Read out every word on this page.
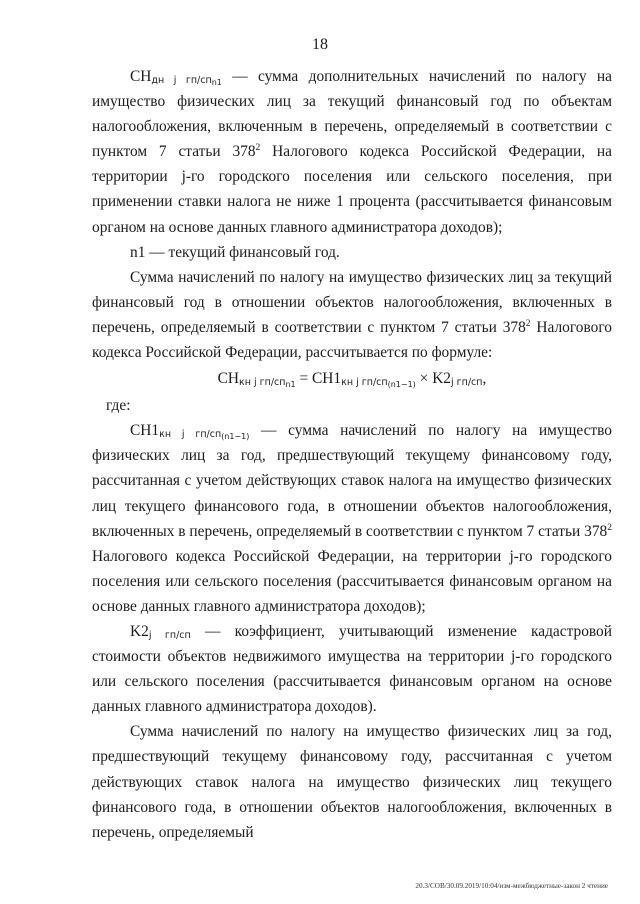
18

$CH_{дн j гп/сп_{n1}}$ — сумма дополнительных начислений по налогу на имущество физических лиц за текущий финансовый год по объектам налогообложения, включенным в перечень, определяемый в соответствии с пунктом 7 статьи $378^2$ Налогового кодекса Российской Федерации, на территории j-го городского поселения или сельского поселения, при применении ставки налога не ниже 1 процента (рассчитывается финансовым органом на основе данных главного администратора доходов);

n1 — текущий финансовый год.

Сумма начислений по налогу на имущество физических лиц за текущий финансовый год в отношении объектов налогообложения, включенных в перечень, определяемый в соответствии с пунктом 7 статьи $378^2$ Налогового кодекса Российской Федерации, рассчитывается по формуле:

$CH_{кн j гп/сп_{n1}} = CH1_{кн j гп/сп_{(n1-1)}} \times K2_{j гп/сп}$,

где:

$CH1_{кн j гп/сп_{(n1-1)}}$ — сумма начислений по налогу на имущество физических лиц за год, предшествующий текущему финансовому году, рассчитанная с учетом действующих ставок налога на имущество физических лиц текущего финансового года, в отношении объектов налогообложения, включенных в перечень, определяемый в соответствии с пунктом 7 статьи $378^2$ Налогового кодекса Российской Федерации, на территории j-го городского поселения или сельского поселения (рассчитывается финансовым органом на основе данных главного администратора доходов);

$K2_{j гп/сп}$ — коэффициент, учитывающий изменение кадастровой стоимости объектов недвижимого имущества на территории j-го городского или сельского поселения (рассчитывается финансовым органом на основе данных главного администратора доходов).

Сумма начислений по налогу на имущество физических лиц за год, предшествующий текущему финансовому году, рассчитанная с учетом действующих ставок налога на имущество физических лиц текущего финансового года, в отношении объектов налогообложения, включенных в перечень, определяемый

20.3/СОВ/30.09.2019/10:04/изм-межбюджетные-закон 2 чтение
